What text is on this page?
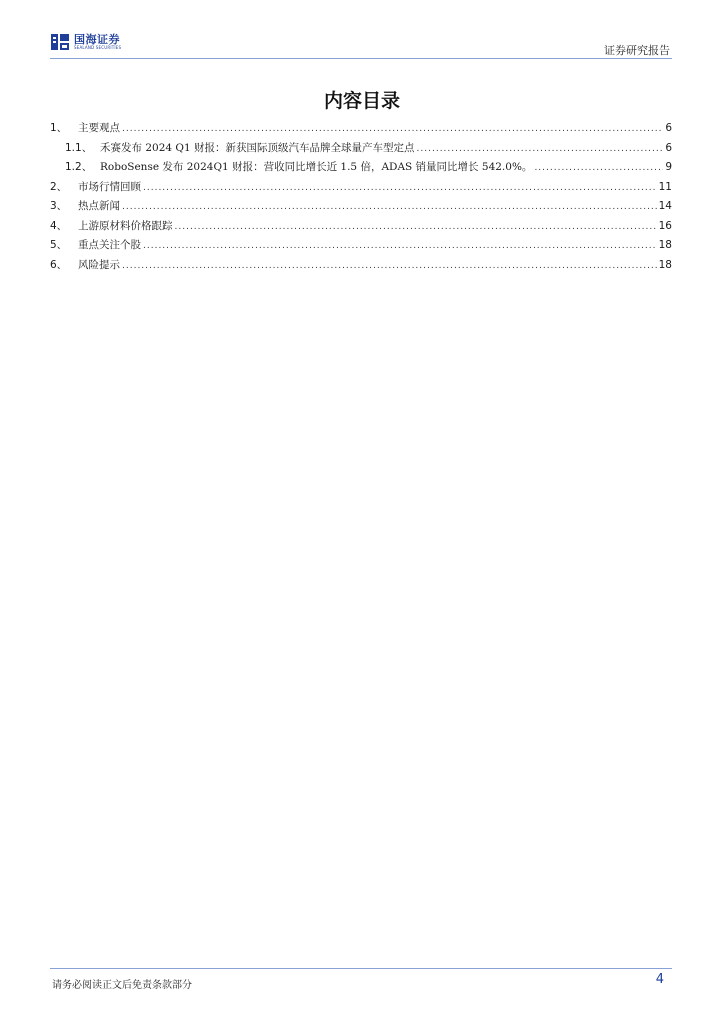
国海证券
SEALAND SECURITIES	证券研究报告
内容目录
1、	主要观点 .....	6
1.1、 禾赛发布 2024 Q1 财报：新获国际顶级汽车品牌全球量产车型定点 .....	6
1.2、 RoboSense 发布 2024Q1 财报：营收同比增长近 1.5 倍，ADAS 销量同比增长 542.0%。 .....	9
2、	市场行情回顾 .....	11
3、	热点新闻 .....	14
4、	上游原材料价格跟踪 .....	16
5、	重点关注个股 .....	18
6、	风险提示 .....	18
请务必阅读正文后免责条款部分	4
